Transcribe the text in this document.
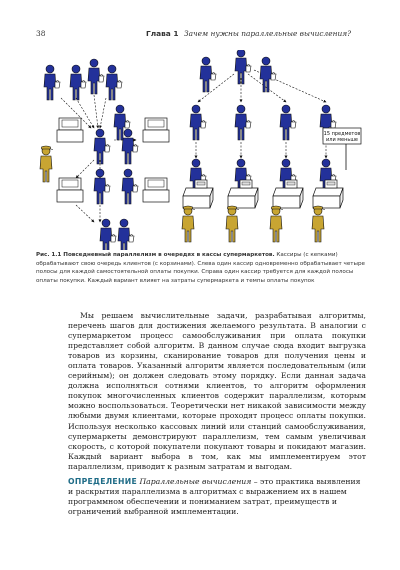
38	Глава 1 Зачем нужны параллельные вычисления?
15 предметов
или меньше
Рис. 1.1 Повседневный параллелизм в очередях в кассы супермаркетов. Кассиры (с кепками) обрабатывают свою очередь клиентов (с корзинами). Слева один кассир одновременно обрабатывает четыре полосы для каждой самостоятельной оплаты покупки. Справа один кассир требуется для каждой полосы оплаты покупки. Каждый вариант влияет на затраты супермаркета и темпы оплаты покупок
Мы решаем вычислительные задачи, разрабатывая алгоритмы, перечень шагов для достижения желаемого результата. В аналогии с супермаркетом процесс самообслуживания при оплата покупки представляет собой алгоритм. В данном случае сюда входит выгрузка товаров из корзины, сканирование товаров для получения цены и оплата товаров. Указанный алгоритм является последовательным (или серийным); он должен следовать этому порядку. Если данная задача должна исполняться сотнями клиентов, то алгоритм оформления покупок многочисленных клиентов содержит параллелизм, которым можно воспользоваться. Теоретически нет никакой зависимости между любыми двумя клиентами, которые проходят процесс оплаты покупки. Используя несколько кассовых линий или станций самообслуживания, супермаркеты демонстрируют параллелизм, тем самым увеличивая скорость, с которой покупатели покупают товары и покидают магазин. Каждый вариант выбора в том, как мы имплементируем этот параллелизм, приводит к разным затратам и выгодам.
ОПРЕДЕЛЕНИЕ Параллельные вычисления – это практика выявления и раскрытия параллелизма в алгоритмах с выражением их в нашем программном обеспечении и пониманием затрат, преимуществ и ограничений выбранной имплементации.
